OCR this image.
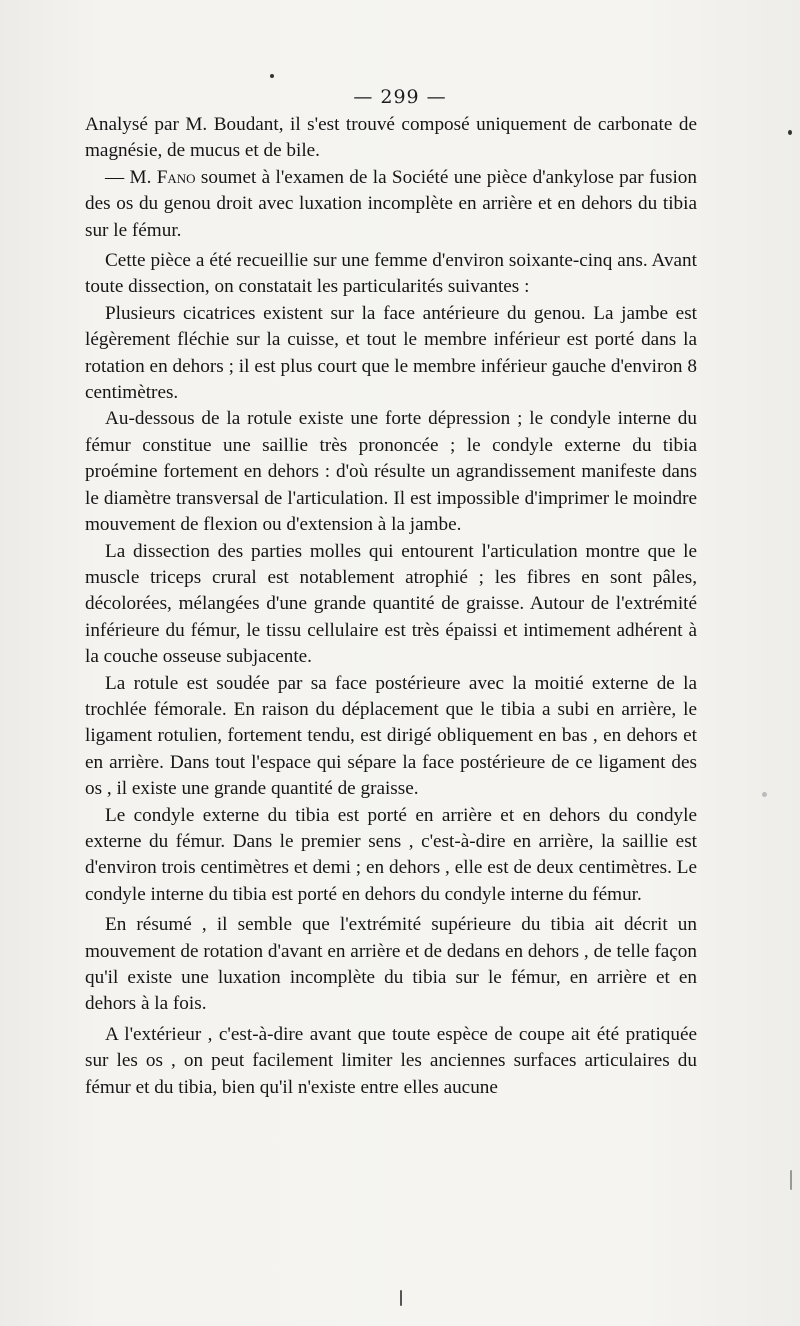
— 299 —

Analysé par M. Boudant, il s'est trouvé composé uniquement de carbonate de magnésie, de mucus et de bile.

— M. Fano soumet à l'examen de la Société une pièce d'ankylose par fusion des os du genou droit avec luxation incomplète en arrière et en dehors du tibia sur le fémur.

Cette pièce a été recueillie sur une femme d'environ soixante-cinq ans. Avant toute dissection, on constatait les particularités suivantes :

Plusieurs cicatrices existent sur la face antérieure du genou. La jambe est légèrement fléchie sur la cuisse, et tout le membre inférieur est porté dans la rotation en dehors ; il est plus court que le membre inférieur gauche d'environ 8 centimètres.

Au-dessous de la rotule existe une forte dépression ; le condyle interne du fémur constitue une saillie très prononcée ; le condyle externe du tibia proémine fortement en dehors : d'où résulte un agrandissement manifeste dans le diamètre transversal de l'articulation. Il est impossible d'imprimer le moindre mouvement de flexion ou d'extension à la jambe.

La dissection des parties molles qui entourent l'articulation montre que le muscle triceps crural est notablement atrophié ; les fibres en sont pâles, décolorées, mélangées d'une grande quantité de graisse. Autour de l'extrémité inférieure du fémur, le tissu cellulaire est très épaissi et intimement adhérent à la couche osseuse subjacente.

La rotule est soudée par sa face postérieure avec la moitié externe de la trochlée fémorale. En raison du déplacement que le tibia a subi en arrière, le ligament rotulien, fortement tendu, est dirigé obliquement en bas , en dehors et en arrière. Dans tout l'espace qui sépare la face postérieure de ce ligament des os , il existe une grande quantité de graisse.

Le condyle externe du tibia est porté en arrière et en dehors du condyle externe du fémur. Dans le premier sens , c'est-à-dire en arrière, la saillie est d'environ trois centimètres et demi ; en dehors , elle est de deux centimètres. Le condyle interne du tibia est porté en dehors du condyle interne du fémur.

En résumé , il semble que l'extrémité supérieure du tibia ait décrit un mouvement de rotation d'avant en arrière et de dedans en dehors , de telle façon qu'il existe une luxation incomplète du tibia sur le fémur, en arrière et en dehors à la fois.

A l'extérieur , c'est-à-dire avant que toute espèce de coupe ait été pratiquée sur les os , on peut facilement limiter les anciennes surfaces articulaires du fémur et du tibia, bien qu'il n'existe entre elles aucune
